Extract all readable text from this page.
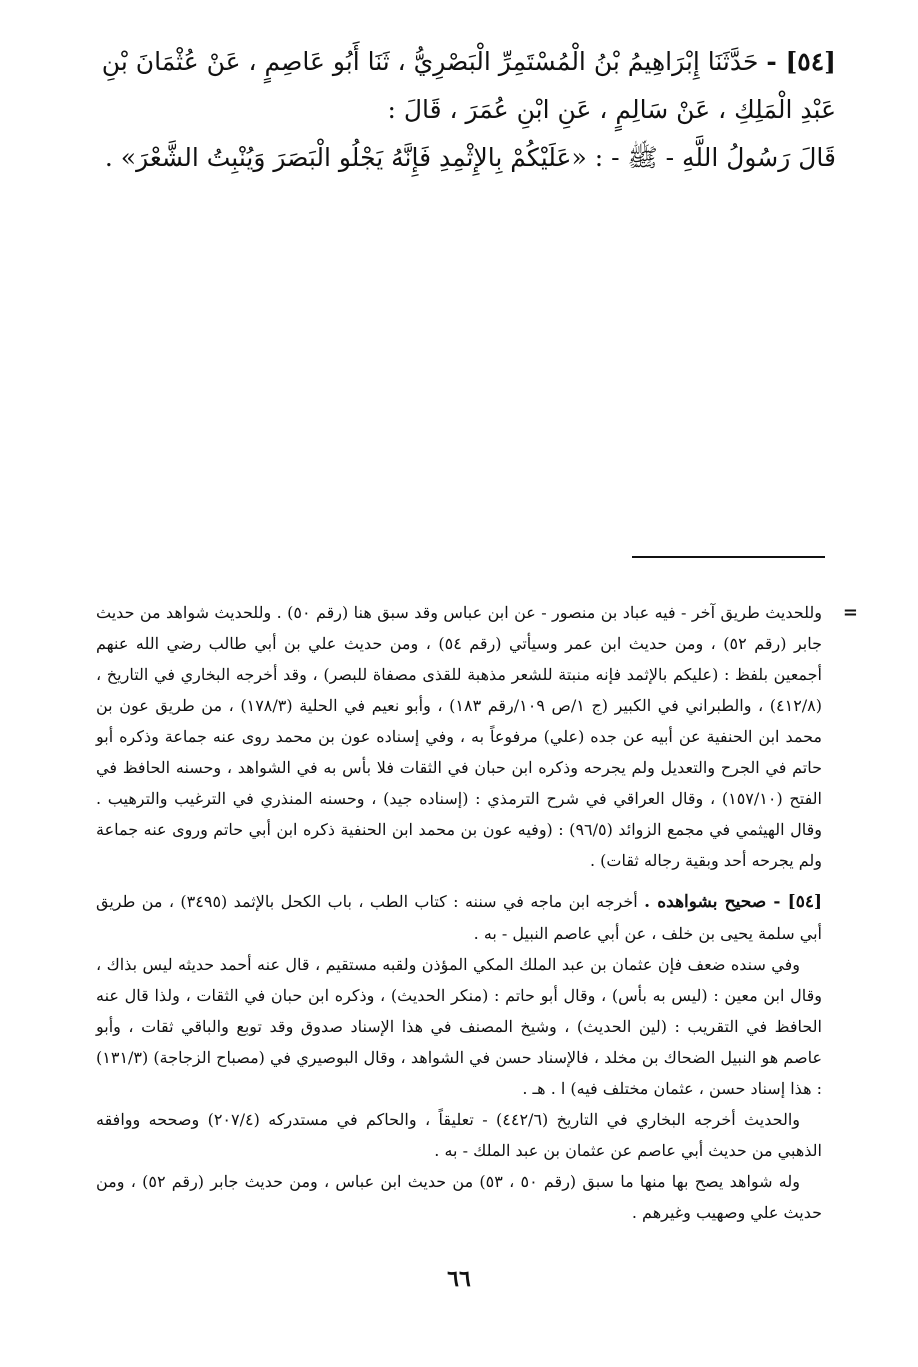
[٥٤] - حَدَّثَنَا إِبْرَاهِيمُ بْنُ الْمُسْتَمِرِّ الْبَصْرِيُّ ، ثَنَا أَبُو عَاصِمٍ ، عَنْ عُثْمَانَ بْنِ

عَبْدِ الْمَلِكِ ، عَنْ سَالِمٍ ، عَنِ ابْنِ عُمَرَ ، قَالَ :

قَالَ رَسُولُ اللَّهِ - ﷺ - : «عَلَيْكُمْ بِالإِثْمِدِ فَإِنَّهُ يَجْلُو الْبَصَرَ وَيُنْبِتُ الشَّعْرَ» .

=
وللحديث طريق آخر - فيه عباد بن منصور - عن ابن عباس وقد سبق هنا (رقم ٥٠) . وللحديث شواهد من حديث جابر (رقم ٥٢) ، ومن حديث ابن عمر وسيأتي (رقم ٥٤) ، ومن حديث علي بن أبي طالب رضي الله عنهم أجمعين بلفظ : (عليكم بالإثمد فإنه منبتة للشعر مذهبة للقذى مصفاة للبصر) ، وقد أخرجه البخاري في التاريخ ، (٤١٢/٨) ، والطبراني في الكبير (ج ١/ص ١٠٩/رقم ١٨٣) ، وأبو نعيم في الحلية (١٧٨/٣) ، من طريق عون بن محمد ابن الحنفية عن أبيه عن جده (علي) مرفوعاً به ، وفي إسناده عون بن محمد روى عنه جماعة وذكره أبو حاتم في الجرح والتعديل ولم يجرحه وذكره ابن حبان في الثقات فلا بأس به في الشواهد ، وحسنه الحافظ في الفتح (١٥٧/١٠) ، وقال العراقي في شرح الترمذي : (إسناده جيد) ، وحسنه المنذري في الترغيب والترهيب . وقال الهيثمي في مجمع الزوائد (٩٦/٥) : (وفيه عون بن محمد ابن الحنفية ذكره ابن أبي حاتم وروى عنه جماعة ولم يجرحه أحد وبقية رجاله ثقات) .

[٥٤] - صحيح بشواهده . أخرجه ابن ماجه في سننه : كتاب الطب ، باب الكحل بالإثمد (٣٤٩٥) ، من طريق أبي سلمة يحيى بن خلف ، عن أبي عاصم النبيل - به .

وفي سنده ضعف فإن عثمان بن عبد الملك المكي المؤذن ولقبه مستقيم ، قال عنه أحمد حديثه ليس بذاك ، وقال ابن معين : (ليس به بأس) ، وقال أبو حاتم : (منكر الحديث) ، وذكره ابن حبان في الثقات ، ولذا قال عنه الحافظ في التقريب : (لين الحديث) ، وشيخ المصنف في هذا الإسناد صدوق وقد توبع والباقي ثقات ، وأبو عاصم هو النبيل الضحاك بن مخلد ، فالإسناد حسن في الشواهد ، وقال البوصيري في (مصباح الزجاجة) (١٣١/٣) : هذا إسناد حسن ، عثمان مختلف فيه) ا . هـ .

والحديث أخرجه البخاري في التاريخ (٤٤٢/٦) - تعليقاً ، والحاكم في مستدركه (٢٠٧/٤) وصححه ووافقه الذهبي من حديث أبي عاصم عن عثمان بن عبد الملك - به .

وله شواهد يصح بها منها ما سبق (رقم ٥٠ ، ٥٣) من حديث ابن عباس ، ومن حديث جابر (رقم ٥٢) ، ومن حديث علي وصهيب وغيرهم .

٦٦
